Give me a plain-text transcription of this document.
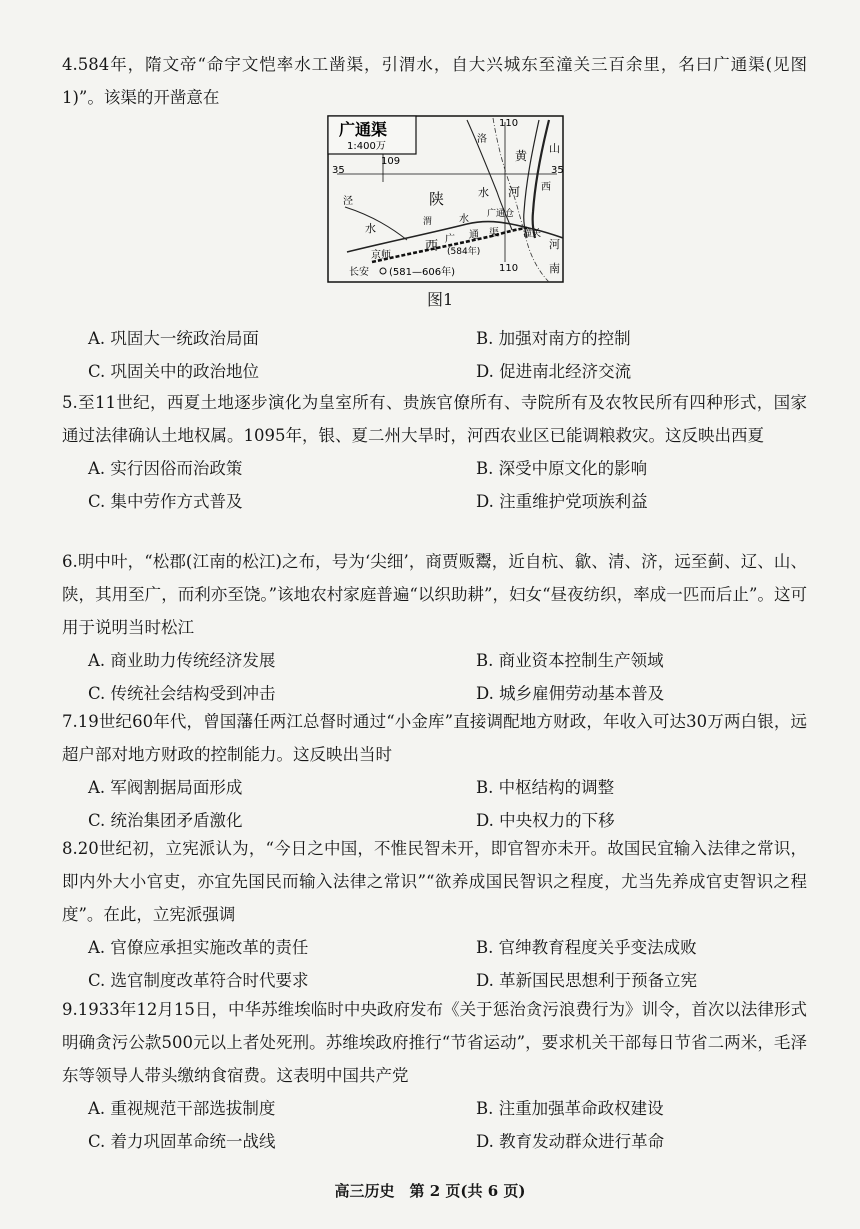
4.584年，隋文帝“命宇文恺率水工凿渠，引渭水，自大兴城东至潼关三百余里，名曰广通渠(见图1)”。该渠的开凿意在

广通渠
1:400万
110
110
109
35	35
洛
水
黄
河
山
西
陕
泾
水	渭	水
广 通 渠
西 (584年)
潼关
广通仓
河
南
京师
长安 (581—606年)
图1
A. 巩固大一统政治局面	B. 加强对南方的控制
C. 巩固关中的政治地位	D. 促进南北经济交流

5.至11世纪，西夏土地逐步演化为皇室所有、贵族官僚所有、寺院所有及农牧民所有四种形式，国家通过法律确认土地权属。1095年，银、夏二州大旱时，河西农业区已能调粮救灾。这反映出西夏

A. 实行因俗而治政策	B. 深受中原文化的影响
C. 集中劳作方式普及	D. 注重维护党项族利益

6.明中叶，“松郡(江南的松江)之布，号为‘尖细’，商贾贩鬻，近自杭、歙、清、济，远至蓟、辽、山、陕，其用至广，而利亦至饶。”该地农村家庭普遍“以织助耕”，妇女“昼夜纺织，率成一匹而后止”。这可用于说明当时松江

A. 商业助力传统经济发展	B. 商业资本控制生产领域
C. 传统社会结构受到冲击	D. 城乡雇佣劳动基本普及

7.19世纪60年代，曾国藩任两江总督时通过“小金库”直接调配地方财政，年收入可达30万两白银，远超户部对地方财政的控制能力。这反映出当时

A. 军阀割据局面形成	B. 中枢结构的调整
C. 统治集团矛盾激化	D. 中央权力的下移

8.20世纪初，立宪派认为，“今日之中国，不惟民智未开，即官智亦未开。故国民宜输入法律之常识，即内外大小官吏，亦宜先国民而输入法律之常识”“欲养成国民智识之程度，尤当先养成官吏智识之程度”。在此，立宪派强调

A. 官僚应承担实施改革的责任	B. 官绅教育程度关乎变法成败
C. 选官制度改革符合时代要求	D. 革新国民思想利于预备立宪

9.1933年12月15日，中华苏维埃临时中央政府发布《关于惩治贪污浪费行为》训令，首次以法律形式明确贪污公款500元以上者处死刑。苏维埃政府推行“节省运动”，要求机关干部每日节省二两米，毛泽东等领导人带头缴纳食宿费。这表明中国共产党

A. 重视规范干部选拔制度	B. 注重加强革命政权建设
C. 着力巩固革命统一战线	D. 教育发动群众进行革命
高三历史　第 2 页(共 6 页)
